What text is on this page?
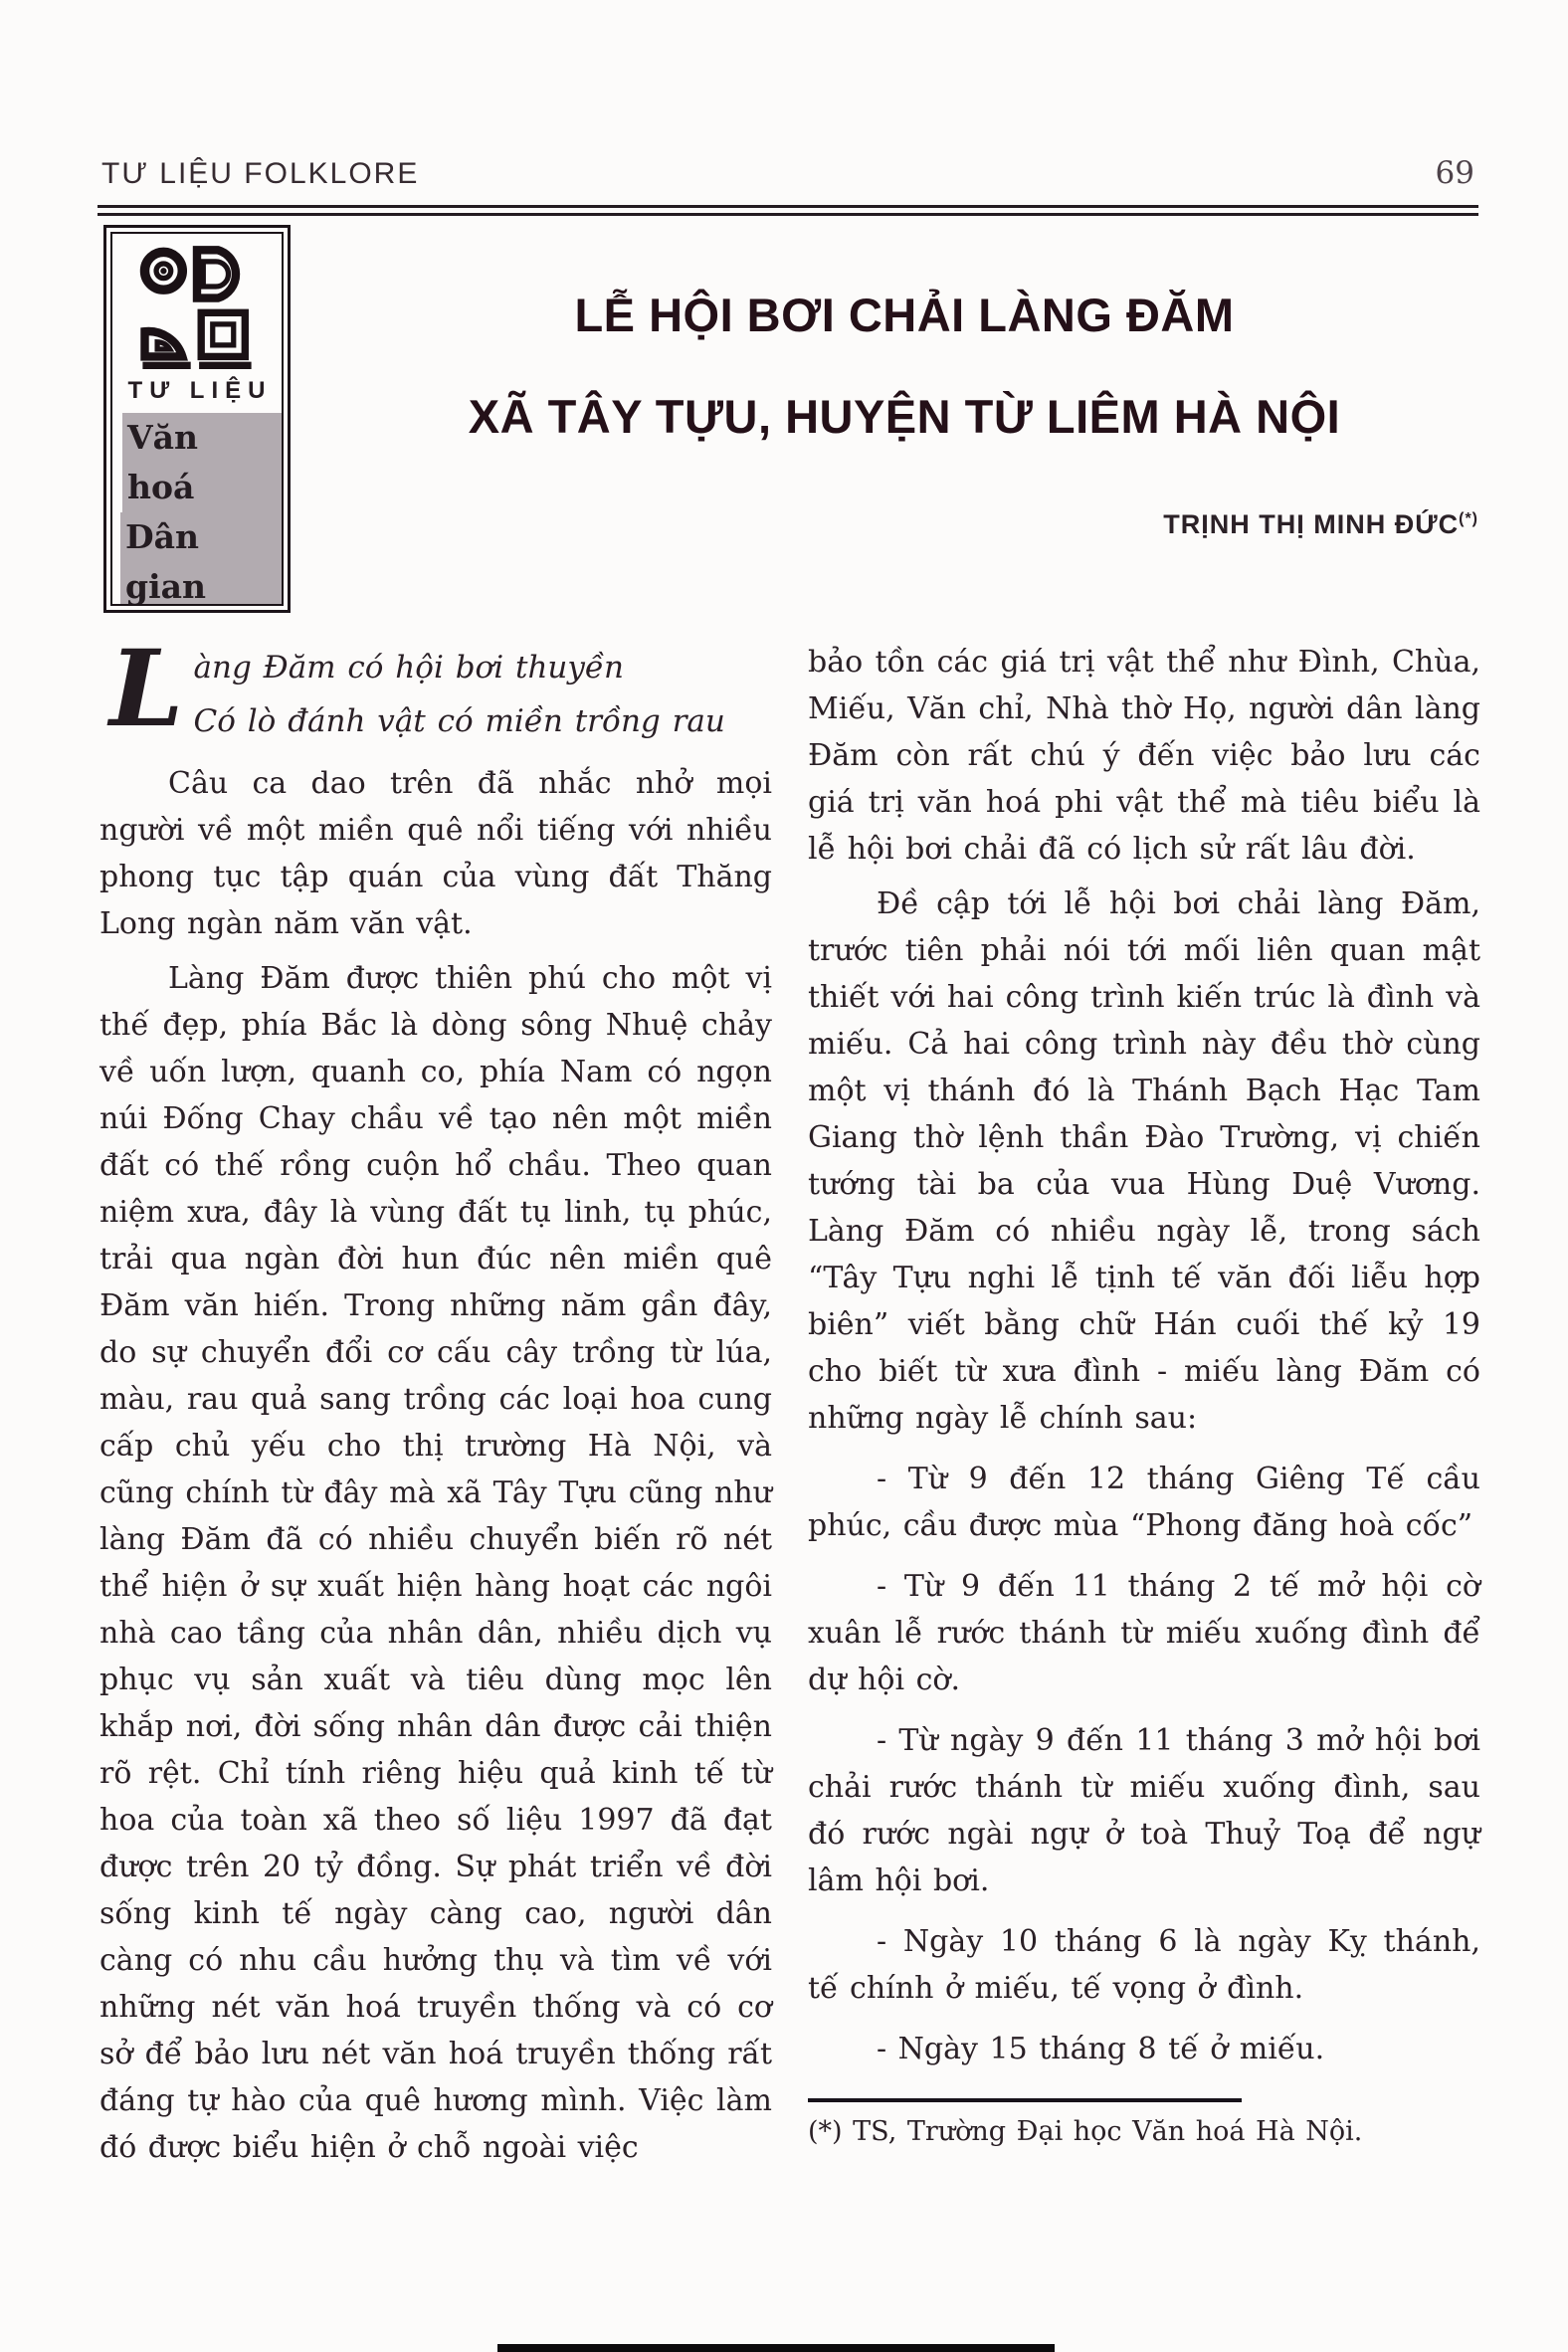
TƯ LIỆU FOLKLORE	69
TƯ LIỆU
Văn hoá
Dân gian
LỄ HỘI BƠI CHẢI LÀNG ĐĂM
XÃ TÂY TỰU, HUYỆN TỪ LIÊM HÀ NỘI
TRỊNH THỊ MINH ĐỨC(*)
L àng Đăm có hội bơi thuyền
Có lò đánh vật có miền trồng rau

Câu ca dao trên đã nhắc nhở mọi người về một miền quê nổi tiếng với nhiều phong tục tập quán của vùng đất Thăng Long ngàn năm văn vật.

Làng Đăm được thiên phú cho một vị thế đẹp, phía Bắc là dòng sông Nhuệ chảy về uốn lượn, quanh co, phía Nam có ngọn núi Đống Chay chầu về tạo nên một miền đất có thế rồng cuộn hổ chầu. Theo quan niệm xưa, đây là vùng đất tụ linh, tụ phúc, trải qua ngàn đời hun đúc nên miền quê Đăm văn hiến. Trong những năm gần đây, do sự chuyển đổi cơ cấu cây trồng từ lúa, màu, rau quả sang trồng các loại hoa cung cấp chủ yếu cho thị trường Hà Nội, và cũng chính từ đây mà xã Tây Tựu cũng như làng Đăm đã có nhiều chuyển biến rõ nét thể hiện ở sự xuất hiện hàng hoạt các ngôi nhà cao tầng của nhân dân, nhiều dịch vụ phục vụ sản xuất và tiêu dùng mọc lên khắp nơi, đời sống nhân dân được cải thiện rõ rệt. Chỉ tính riêng hiệu quả kinh tế từ hoa của toàn xã theo số liệu 1997 đã đạt được trên 20 tỷ đồng. Sự phát triển về đời sống kinh tế ngày càng cao, người dân càng có nhu cầu hưởng thụ và tìm về với những nét văn hoá truyền thống và có cơ sở để bảo lưu nét văn hoá truyền thống rất đáng tự hào của quê hương mình. Việc làm đó được biểu hiện ở chỗ ngoài việc

bảo tồn các giá trị vật thể như Đình, Chùa, Miếu, Văn chỉ, Nhà thờ Họ, người dân làng Đăm còn rất chú ý đến việc bảo lưu các giá trị văn hoá phi vật thể mà tiêu biểu là lễ hội bơi chải đã có lịch sử rất lâu đời.

Đề cập tới lễ hội bơi chải làng Đăm, trước tiên phải nói tới mối liên quan mật thiết với hai công trình kiến trúc là đình và miếu. Cả hai công trình này đều thờ cùng một vị thánh đó là Thánh Bạch Hạc Tam Giang thờ lệnh thần Đào Trường, vị chiến tướng tài ba của vua Hùng Duệ Vương. Làng Đăm có nhiều ngày lễ, trong sách “Tây Tựu nghi lễ tịnh tế văn đối liễu hợp biên” viết bằng chữ Hán cuối thế kỷ 19 cho biết từ xưa đình - miếu làng Đăm có những ngày lễ chính sau:

- Từ 9 đến 12 tháng Giêng Tế cầu phúc, cầu được mùa “Phong đăng hoà cốc”

- Từ 9 đến 11 tháng 2 tế mở hội cờ xuân lễ rước thánh từ miếu xuống đình để dự hội cờ.

- Từ ngày 9 đến 11 tháng 3 mở hội bơi chải rước thánh từ miếu xuống đình, sau đó rước ngài ngự ở toà Thuỷ Toạ để ngự lâm hội bơi.

- Ngày 10 tháng 6 là ngày Kỵ thánh, tế chính ở miếu, tế vọng ở đình.

- Ngày 15 tháng 8 tế ở miếu.

(*) TS, Trường Đại học Văn hoá Hà Nội.
